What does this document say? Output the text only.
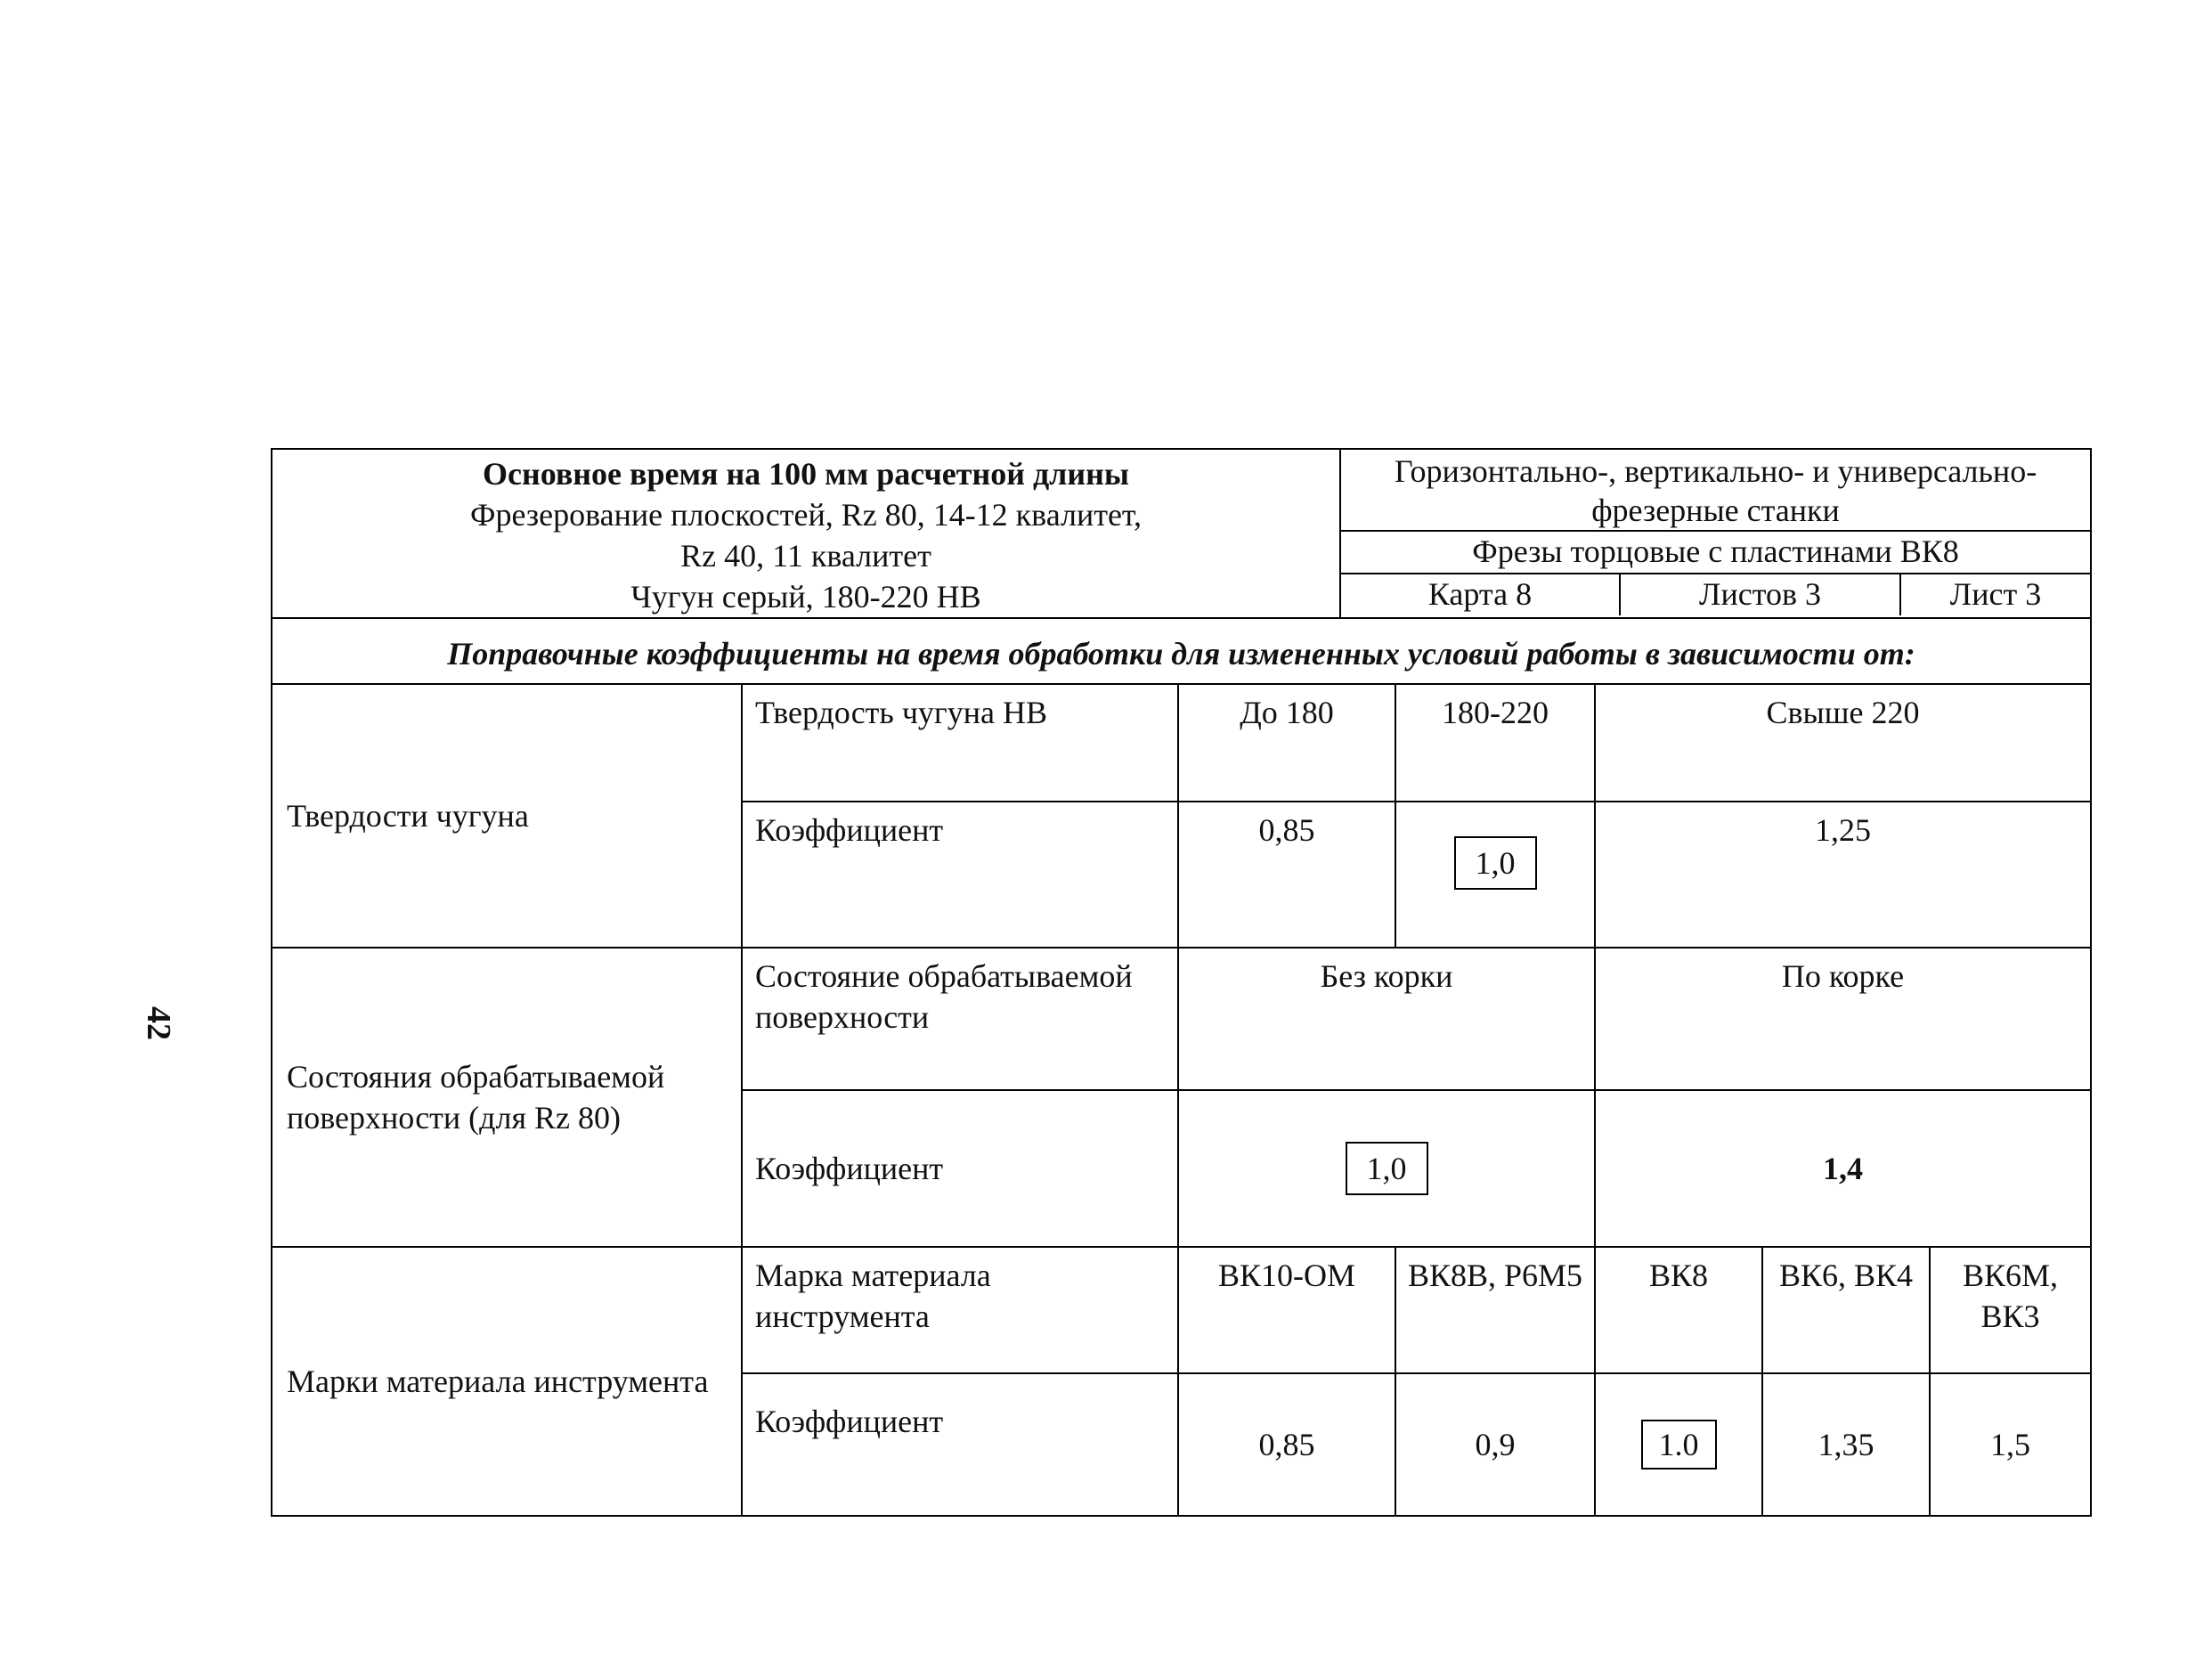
42
Основное время на 100 мм расчетной длины
Фрезерование плоскостей, Rz 80, 14-12 квалитет,
Rz 40, 11 квалитет
Чугун серый, 180-220 НВ

Горизонтально-, вертикально- и универсально-фрезерные станки
Фрезы торцовые с пластинами ВК8
Карта 8	Листов 3	Лист 3

Поправочные коэффициенты на время обработки для измененных условий работы в зависимости от:
Твердости чугуна	Твердость чугуна НВ	До 180	180-220	Свыше 220		
	Коэффициент	0,85	1,0	1,25		
Состояния обрабатываемой поверхности (для Rz 80)	Состояние обрабатываемой поверхности	Без корки		По корке		
	Коэффициент	1,0		1,4		
Марки материала инструмента	Марка материала инструмента	ВК10-ОМ	ВК8В, Р6М5	ВК8	ВК6, ВК4	ВК6М, ВК3
	Коэффициент	0,85	0,9	1.0	1,35	1,5
